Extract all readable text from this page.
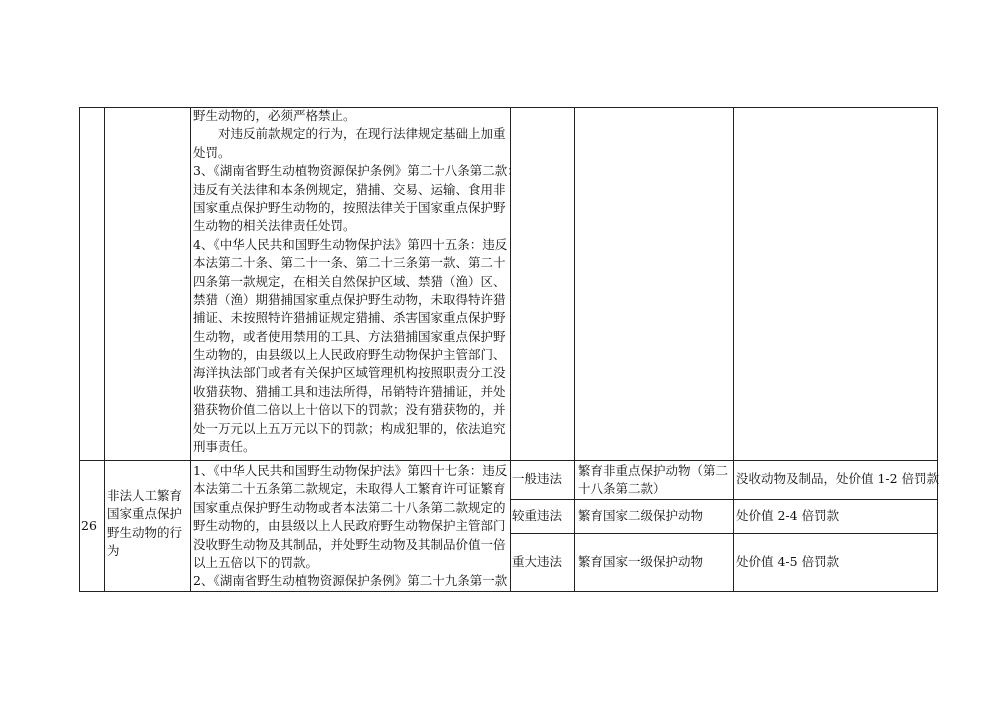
野生动物的，必须严格禁止。
　　对违反前款规定的行为，在现行法律规定基础上加重
处罚。
3、《湖南省野生动植物资源保护条例》第二十八条第二款：
违反有关法律和本条例规定，猎捕、交易、运输、食用非
国家重点保护野生动物的，按照法律关于国家重点保护野
生动物的相关法律责任处罚。
4、《中华人民共和国野生动物保护法》第四十五条：违反
本法第二十条、第二十一条、第二十三条第一款、第二十
四条第一款规定，在相关自然保护区域、禁猎（渔）区、
禁猎（渔）期猎捕国家重点保护野生动物，未取得特许猎
捕证、未按照特许猎捕证规定猎捕、杀害国家重点保护野
生动物，或者使用禁用的工具、方法猎捕国家重点保护野
生动物的，由县级以上人民政府野生动物保护主管部门、
海洋执法部门或者有关保护区域管理机构按照职责分工没
收猎获物、猎捕工具和违法所得，吊销特许猎捕证，并处
猎获物价值二倍以上十倍以下的罚款；没有猎获物的，并
处一万元以上五万元以下的罚款；构成犯罪的，依法追究
刑事责任。
26
非法人工繁育
国家重点保护
野生动物的行
为
1、《中华人民共和国野生动物保护法》第四十七条：违反
本法第二十五条第二款规定，未取得人工繁育许可证繁育
国家重点保护野生动物或者本法第二十八条第二款规定的
野生动物的，由县级以上人民政府野生动物保护主管部门
没收野生动物及其制品，并处野生动物及其制品价值一倍
以上五倍以下的罚款。
2、《湖南省野生动植物资源保护条例》第二十九条第一款
一般违法
繁育非重点保护动物（第二
十八条第二款）
没收动物及制品，处价值 1-2 倍罚款
较重违法 繁育国家二级保护动物	处价值 2-4 倍罚款
重大违法 繁育国家一级保护动物	处价值 4-5 倍罚款
